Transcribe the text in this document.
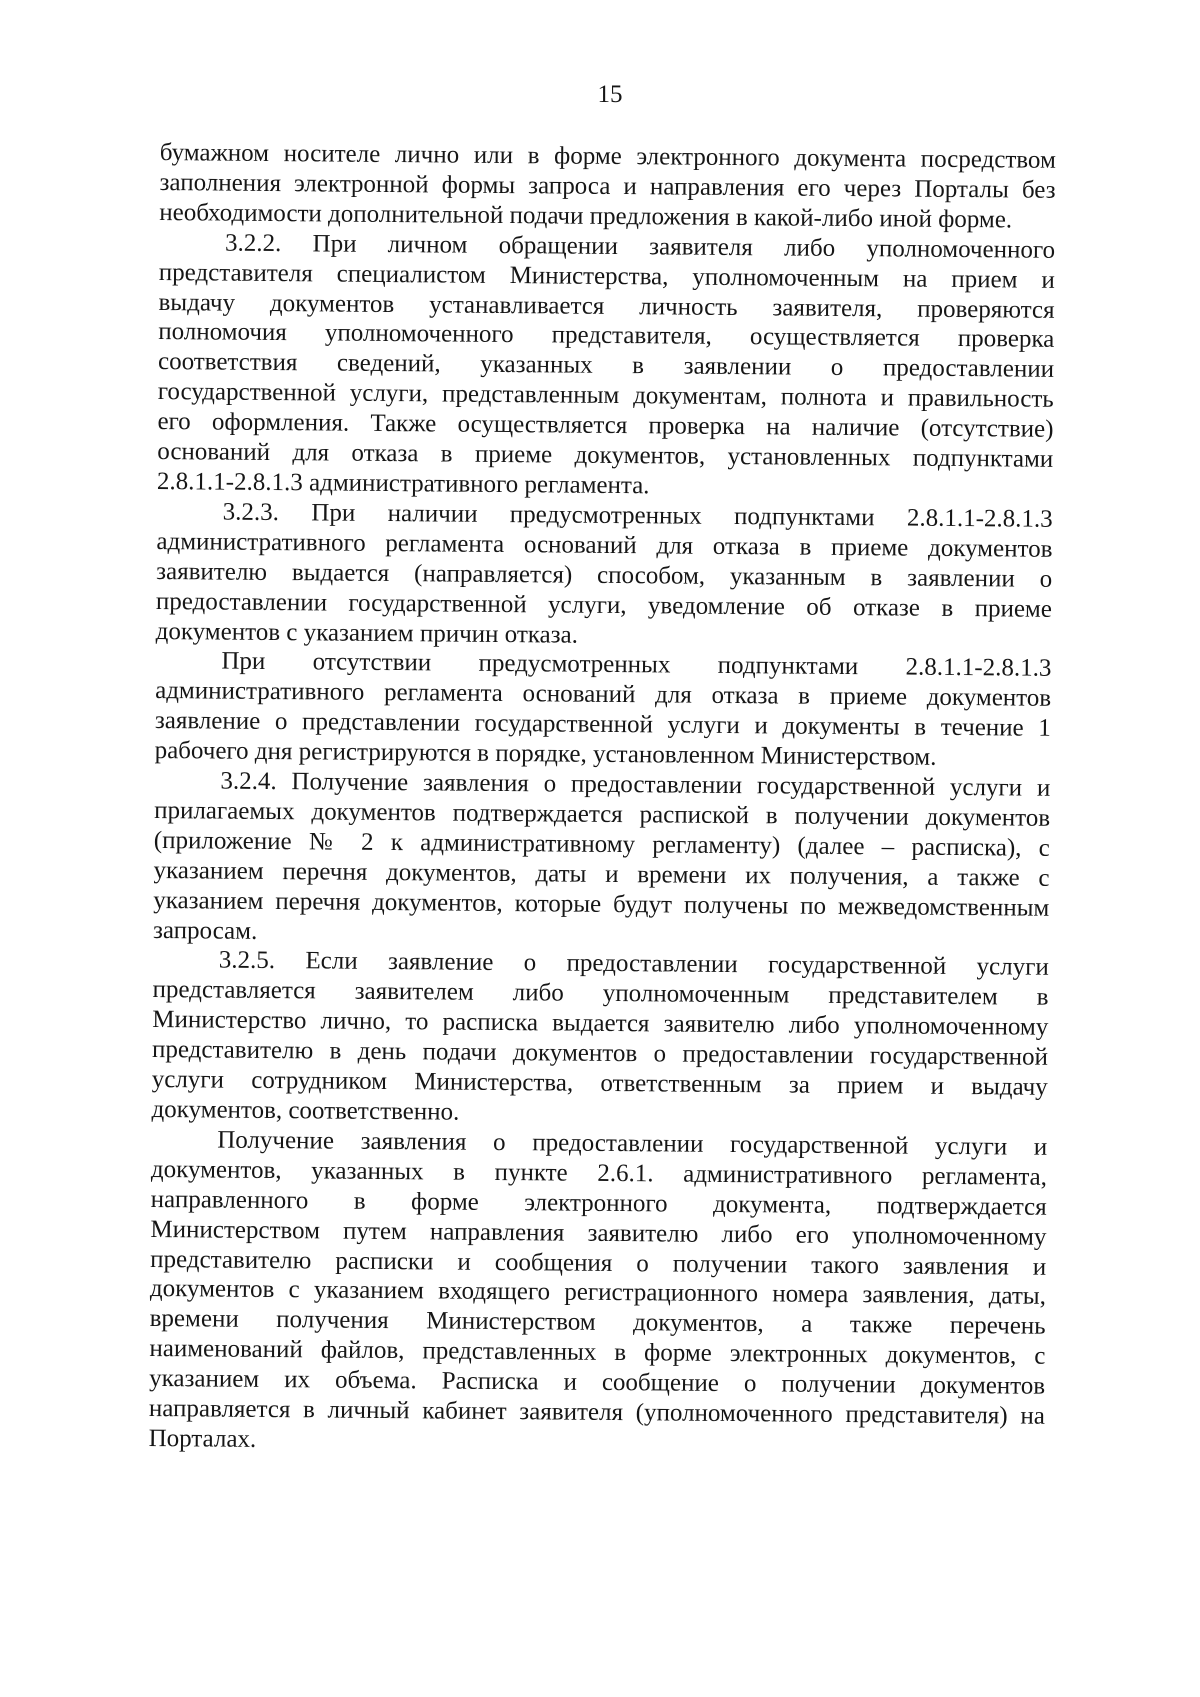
15
бумажном носителе лично или в форме электронного документа посредством
заполнения электронной формы запроса и направления его через Порталы без
необходимости дополнительной подачи предложения в какой-либо иной форме.
3.2.2. При личном обращении заявителя либо уполномоченного
представителя специалистом Министерства, уполномоченным на прием и
выдачу документов устанавливается личность заявителя, проверяются
полномочия уполномоченного представителя, осуществляется проверка
соответствия сведений, указанных в заявлении о предоставлении
государственной услуги, представленным документам, полнота и правильность
его оформления. Также осуществляется проверка на наличие (отсутствие)
оснований для отказа в приеме документов, установленных подпунктами
2.8.1.1-2.8.1.3 административного регламента.
3.2.3. При наличии предусмотренных подпунктами 2.8.1.1-2.8.1.3
административного регламента оснований для отказа в приеме документов
заявителю выдается (направляется) способом, указанным в заявлении о
предоставлении государственной услуги, уведомление об отказе в приеме
документов с указанием причин отказа.
При отсутствии предусмотренных подпунктами 2.8.1.1-2.8.1.3
административного регламента оснований для отказа в приеме документов
заявление о представлении государственной услуги и документы в течение 1
рабочего дня регистрируются в порядке, установленном Министерством.
3.2.4. Получение заявления о предоставлении государственной услуги и
прилагаемых документов подтверждается распиской в получении документов
(приложение № 2 к административному регламенту) (далее – расписка), с
указанием перечня документов, даты и времени их получения, а также с
указанием перечня документов, которые будут получены по межведомственным
запросам.
3.2.5. Если заявление о предоставлении государственной услуги
представляется заявителем либо уполномоченным представителем в
Министерство лично, то расписка выдается заявителю либо уполномоченному
представителю в день подачи документов о предоставлении государственной
услуги сотрудником Министерства, ответственным за прием и выдачу
документов, соответственно.
Получение заявления о предоставлении государственной услуги и
документов, указанных в пункте 2.6.1. административного регламента,
направленного в форме электронного документа, подтверждается
Министерством путем направления заявителю либо его уполномоченному
представителю расписки и сообщения о получении такого заявления и
документов с указанием входящего регистрационного номера заявления, даты,
времени получения Министерством документов, а также перечень
наименований файлов, представленных в форме электронных документов, с
указанием их объема. Расписка и сообщение о получении документов
направляется в личный кабинет заявителя (уполномоченного представителя) на
Порталах.
